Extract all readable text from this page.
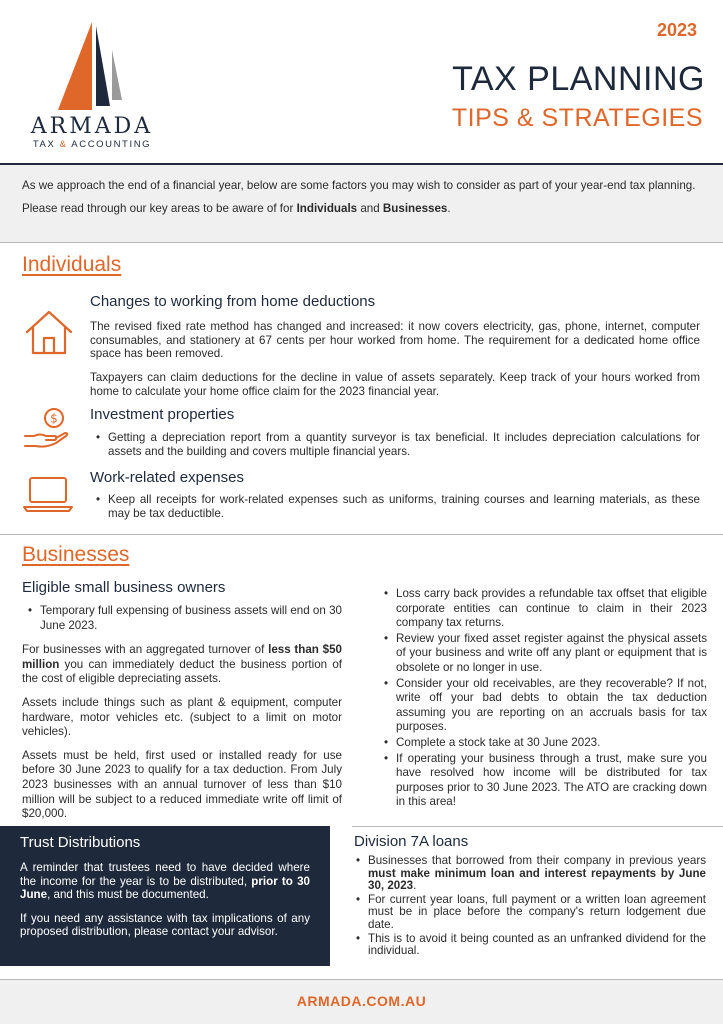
ARMADA
TAX & ACCOUNTING
2023
TAX PLANNING
TIPS & STRATEGIES

As we approach the end of a financial year, below are some factors you may wish to consider as part of your year-end tax planning.

Please read through our key areas to be aware of for Individuals and Businesses.

Individuals
Changes to working from home deductions
The revised fixed rate method has changed and increased: it now covers electricity, gas, phone, internet, computer consumables, and stationery at 67 cents per hour worked from home. The requirement for a dedicated home office space has been removed.
Taxpayers can claim deductions for the decline in value of assets separately. Keep track of your hours worked from home to calculate your home office claim for the 2023 financial year.
$ Investment properties
• Getting a depreciation report from a quantity surveyor is tax beneficial. It includes depreciation calculations for assets and the building and covers multiple financial years.
Work-related expenses
• Keep all receipts for work-related expenses such as uniforms, training courses and learning materials, as these may be tax deductible.
Businesses
Eligible small business owners
• Temporary full expensing of business assets will end on 30 June 2023.

For businesses with an aggregated turnover of less than $50 million you can immediately deduct the business portion of the cost of eligible depreciating assets.

Assets include things such as plant & equipment, computer hardware, motor vehicles etc. (subject to a limit on motor vehicles).

Assets must be held, first used or installed ready for use before 30 June 2023 to qualify for a tax deduction. From July 2023 businesses with an annual turnover of less than $10 million will be subject to a reduced immediate write off limit of $20,000.

• Loss carry back provides a refundable tax offset that eligible corporate entities can continue to claim in their 2023 company tax returns.
• Review your fixed asset register against the physical assets of your business and write off any plant or equipment that is obsolete or no longer in use.
• Consider your old receivables, are they recoverable? If not, write off your bad debts to obtain the tax deduction assuming you are reporting on an accruals basis for tax purposes.
• Complete a stock take at 30 June 2023.
• If operating your business through a trust, make sure you have resolved how income will be distributed for tax purposes prior to 30 June 2023. The ATO are cracking down in this area!
Trust Distributions

A reminder that trustees need to have decided where the income for the year is to be distributed, prior to 30 June, and this must be documented.

If you need any assistance with tax implications of any proposed distribution, please contact your advisor.

Division 7A loans
• Businesses that borrowed from their company in previous years must make minimum loan and interest repayments by June 30, 2023.
• For current year loans, full payment or a written loan agreement must be in place before the company's return lodgement due date.
• This is to avoid it being counted as an unfranked dividend for the individual.
ARMADA.COM.AU
